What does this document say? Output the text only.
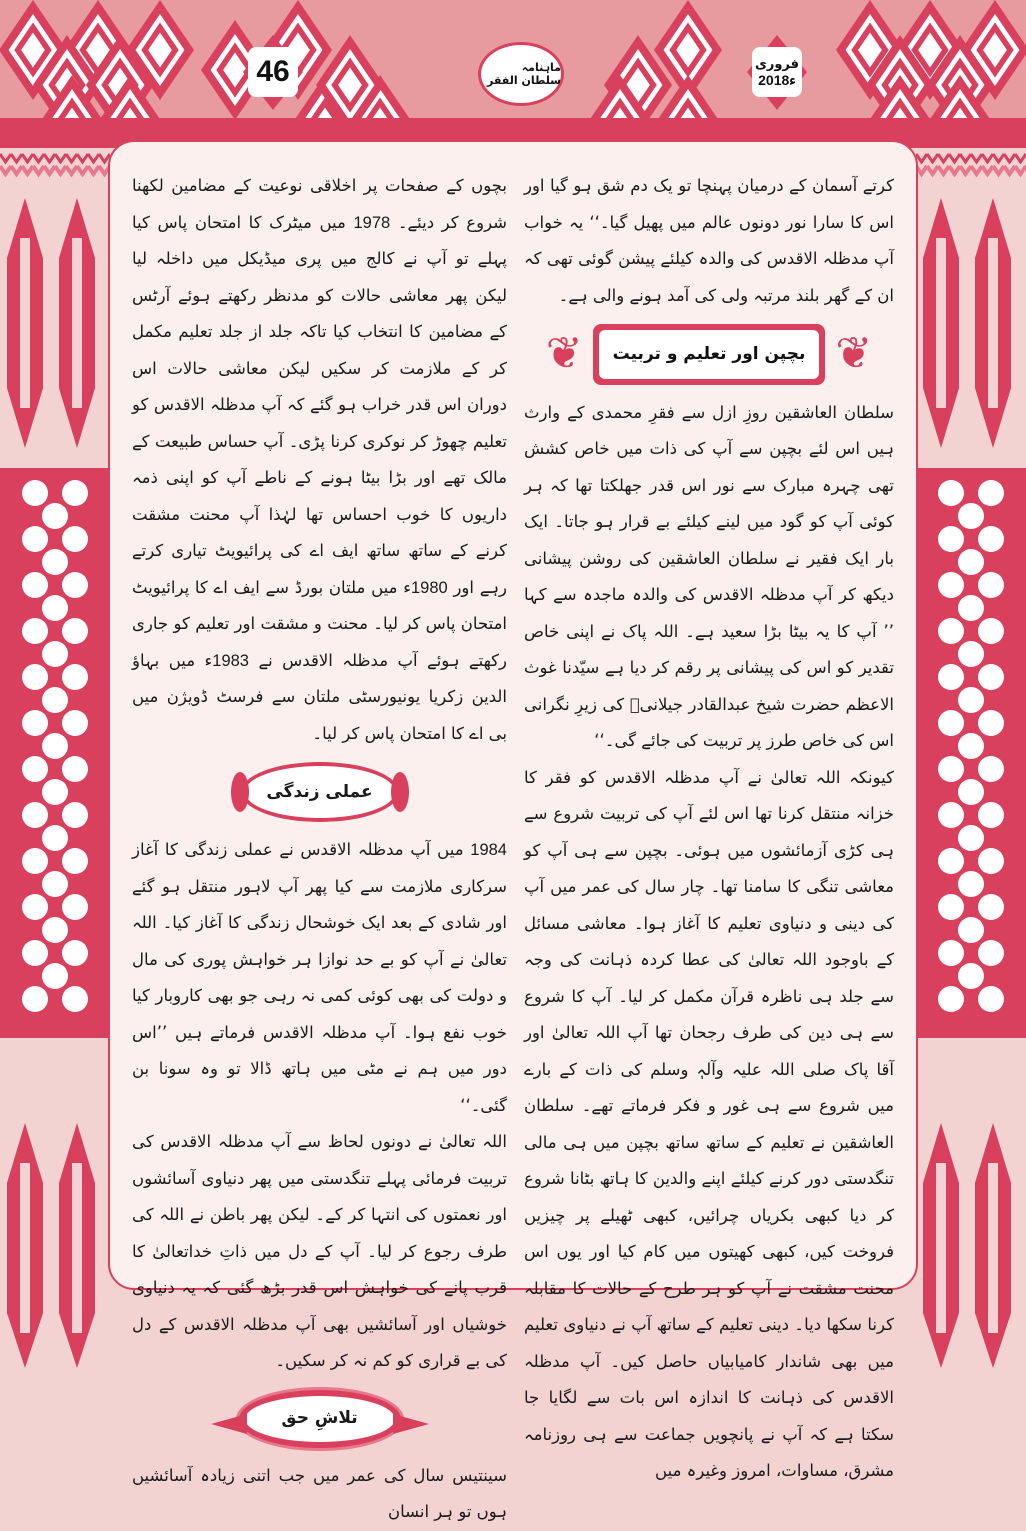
46	ماہنامہ سلطان الفقر
فروری
2018ء

کرتے آسمان کے درمیان پہنچا تو یک دم شق ہو گیا اور اس کا سارا نور دونوں عالم میں پھیل گیا۔‘‘ یہ خواب آپ مدظلہ الاقدس کی والدہ کیلئے پیشن گوئی تھی کہ ان کے گھر بلند مرتبہ ولی کی آمد ہونے والی ہے۔

❦
بچپن اور تعلیم و تربیت
❦

سلطان العاشقین روزِ ازل سے فقرِ محمدی کے وارث ہیں اس لئے بچپن سے آپ کی ذات میں خاص کشش تھی چہرہ مبارک سے نور اس قدر جھلکتا تھا کہ ہر کوئی آپ کو گود میں لینے کیلئے بے قرار ہو جاتا۔ ایک بار ایک فقیر نے سلطان العاشقین کی روشن پیشانی دیکھ کر آپ مدظلہ الاقدس کی والدہ ماجدہ سے کہا ’’ آپ کا یہ بیٹا بڑا سعید ہے۔ اللہ پاک نے اپنی خاص تقدیر کو اس کی پیشانی پر رقم کر دیا ہے سیّدنا غوث الاعظم حضرت شیخ عبدالقادر جیلانیؓ کی زیرِ نگرانی اس کی خاص طرز پر تربیت کی جائے گی۔‘‘

کیونکہ اللہ تعالیٰ نے آپ مدظلہ الاقدس کو فقر کا خزانہ منتقل کرنا تھا اس لئے آپ کی تربیت شروع سے ہی کڑی آزمائشوں میں ہوئی۔ بچپن سے ہی آپ کو معاشی تنگی کا سامنا تھا۔ چار سال کی عمر میں آپ کی دینی و دنیاوی تعلیم کا آغاز ہوا۔ معاشی مسائل کے باوجود اللہ تعالیٰ کی عطا کردہ ذہانت کی وجہ سے جلد ہی ناظرہ قرآن مکمل کر لیا۔ آپ کا شروع سے ہی دین کی طرف رجحان تھا آپ اللہ تعالیٰ اور آقا پاک صلی اللہ علیہ وآلہٖ وسلم کی ذات کے بارے میں شروع سے ہی غور و فکر فرماتے تھے۔ سلطان العاشقین نے تعلیم کے ساتھ ساتھ بچپن میں ہی مالی تنگدستی دور کرنے کیلئے اپنے والدین کا ہاتھ بٹانا شروع کر دیا کبھی بکریاں چرائیں، کبھی ٹھیلے پر چیزیں فروخت کیں، کبھی کھیتوں میں کام کیا اور یوں اس محنت مشقت نے آپ کو ہر طرح کے حالات کا مقابلہ کرنا سکھا دیا۔ دینی تعلیم کے ساتھ آپ نے دنیاوی تعلیم میں بھی شاندار کامیابیاں حاصل کیں۔ آپ مدظلہ الاقدس کی ذہانت کا اندازہ اس بات سے لگایا جا سکتا ہے کہ آپ نے پانچویں جماعت سے ہی روزنامہ مشرق، مساوات، امروز وغیرہ میں

بچوں کے صفحات پر اخلاقی نوعیت کے مضامین لکھنا شروع کر دیئے۔ 1978 میں میٹرک کا امتحان پاس کیا پہلے تو آپ نے کالج میں پری میڈیکل میں داخلہ لیا لیکن پھر معاشی حالات کو مدنظر رکھتے ہوئے آرٹس کے مضامین کا انتخاب کیا تاکہ جلد از جلد تعلیم مکمل کر کے ملازمت کر سکیں لیکن معاشی حالات اس دوران اس قدر خراب ہو گئے کہ آپ مدظلہ الاقدس کو تعلیم چھوڑ کر نوکری کرنا پڑی۔ آپ حساس طبیعت کے مالک تھے اور بڑا بیٹا ہونے کے ناطے آپ کو اپنی ذمہ داریوں کا خوب احساس تھا لہٰذا آپ محنت مشقت کرنے کے ساتھ ساتھ ایف اے کی پرائیویٹ تیاری کرتے رہے اور 1980ء میں ملتان بورڈ سے ایف اے کا پرائیویٹ امتحان پاس کر لیا۔ محنت و مشقت اور تعلیم کو جاری رکھتے ہوئے آپ مدظلہ الاقدس نے 1983ء میں بہاؤ الدین زکریا یونیورسٹی ملتان سے فرسٹ ڈویژن میں بی اے کا امتحان پاس کر لیا۔

عملی زندگی

1984 میں آپ مدظلہ الاقدس نے عملی زندگی کا آغاز سرکاری ملازمت سے کیا پھر آپ لاہور منتقل ہو گئے اور شادی کے بعد ایک خوشحال زندگی کا آغاز کیا۔ اللہ تعالیٰ نے آپ کو بے حد نوازا ہر خواہش پوری کی مال و دولت کی بھی کوئی کمی نہ رہی جو بھی کاروبار کیا خوب نفع ہوا۔ آپ مدظلہ الاقدس فرماتے ہیں ’’اس دور میں ہم نے مٹی میں ہاتھ ڈالا تو وہ سونا بن گئی۔‘‘

اللہ تعالیٰ نے دونوں لحاظ سے آپ مدظلہ الاقدس کی تربیت فرمائی پہلے تنگدستی میں پھر دنیاوی آسائشوں اور نعمتوں کی انتہا کر کے۔ لیکن پھر باطن نے اللہ کی طرف رجوع کر لیا۔ آپ کے دل میں ذاتِ خداتعالیٰ کا قرب پانے کی خواہش اس قدر بڑھ گئی کہ یہ دنیاوی خوشیاں اور آسائشیں بھی آپ مدظلہ الاقدس کے دل کی بے قراری کو کم نہ کر سکیں۔

تلاشِ حق

سینتیس سال کی عمر میں جب اتنی زیادہ آسائشیں ہوں تو ہر انسان
